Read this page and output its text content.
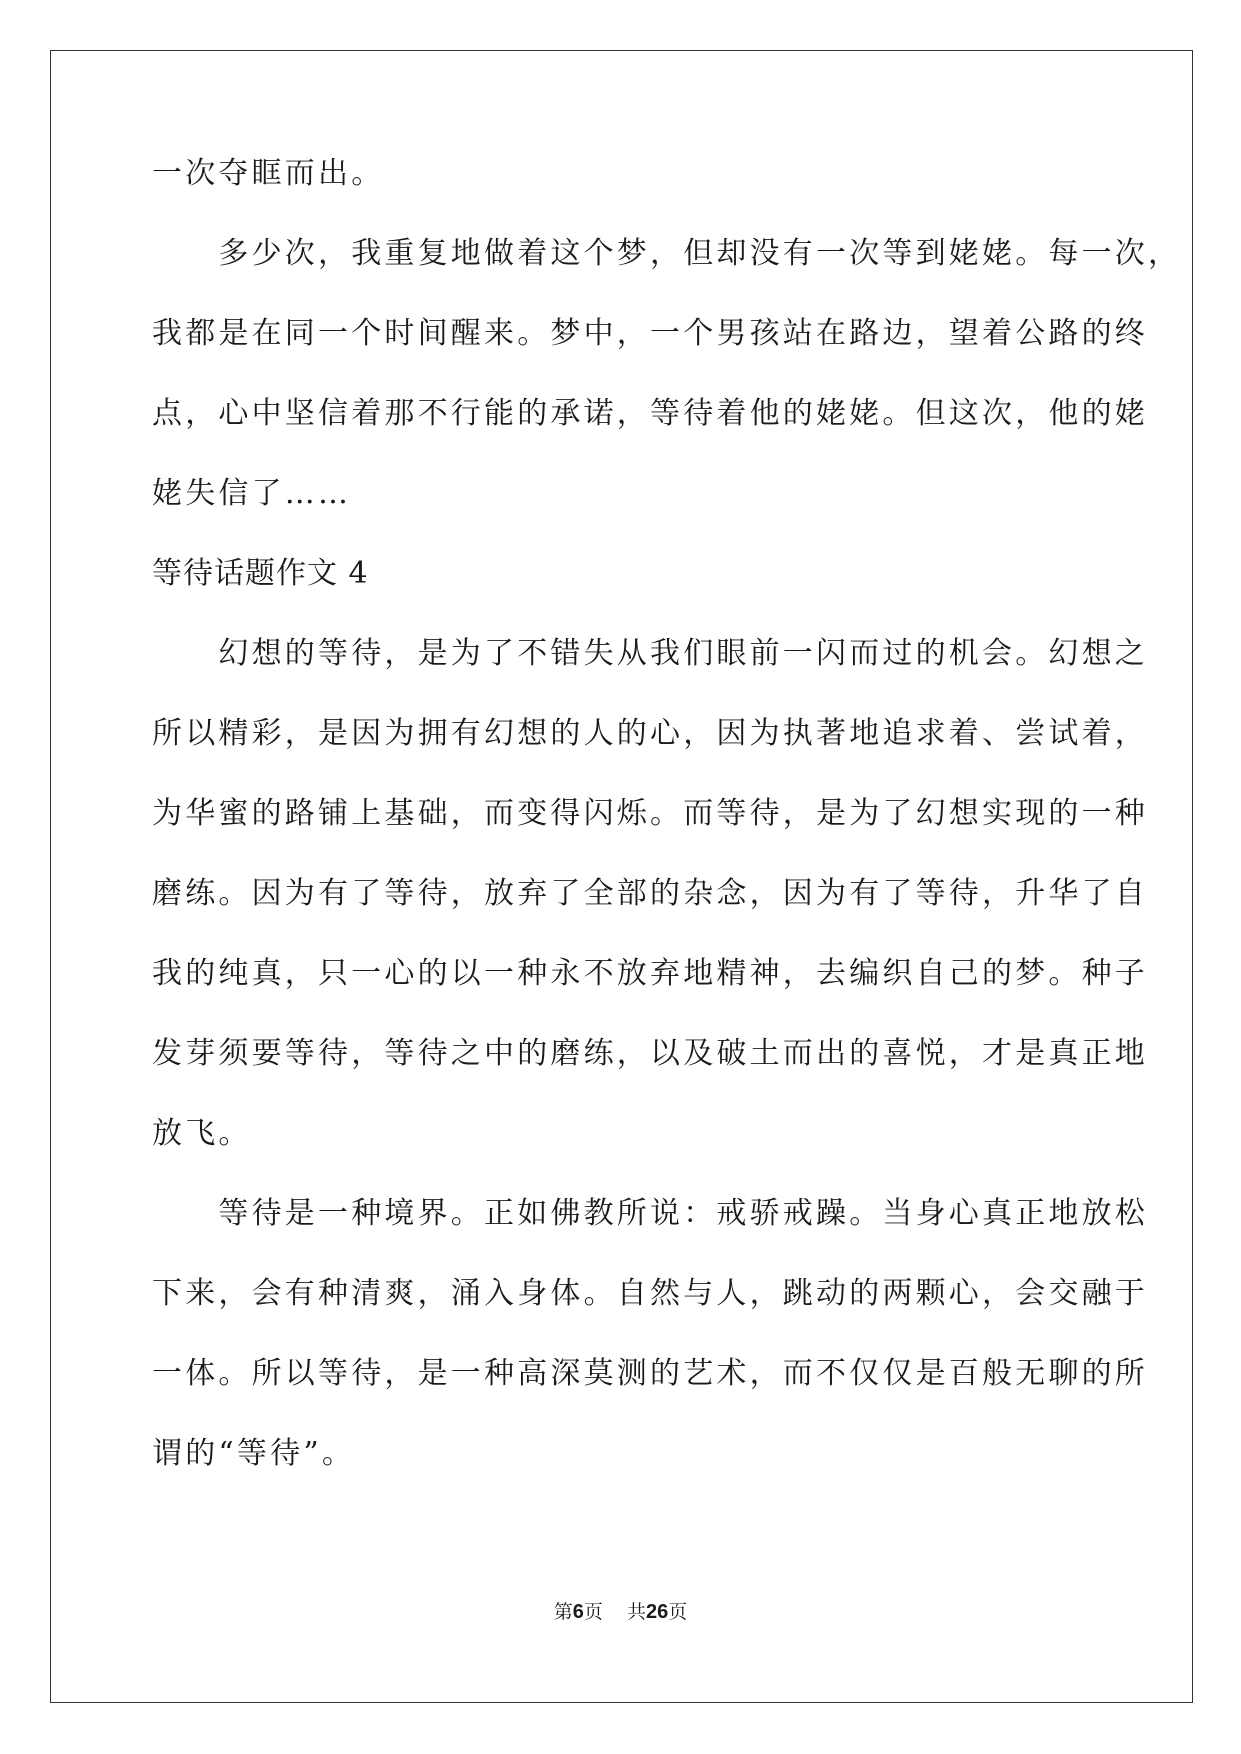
一次夺眶而出。
　　多少次，我重复地做着这个梦，但却没有一次等到姥姥。每一次，
我都是在同一个时间醒来。梦中，一个男孩站在路边，望着公路的终
点，心中坚信着那不行能的承诺，等待着他的姥姥。但这次，他的姥
姥失信了……
等待话题作文 4
　　幻想的等待，是为了不错失从我们眼前一闪而过的机会。幻想之
所以精彩，是因为拥有幻想的人的心，因为执著地追求着、尝试着，
为华蜜的路铺上基础，而变得闪烁。而等待，是为了幻想实现的一种
磨练。因为有了等待，放弃了全部的杂念，因为有了等待，升华了自
我的纯真，只一心的以一种永不放弃地精神，去编织自己的梦。种子
发芽须要等待，等待之中的磨练，以及破土而出的喜悦，才是真正地
放飞。
　　等待是一种境界。正如佛教所说：戒骄戒躁。当身心真正地放松
下来，会有种清爽，涌入身体。自然与人，跳动的两颗心，会交融于
一体。所以等待，是一种高深莫测的艺术，而不仅仅是百般无聊的所
谓的“等待”。
第6页 共26页
